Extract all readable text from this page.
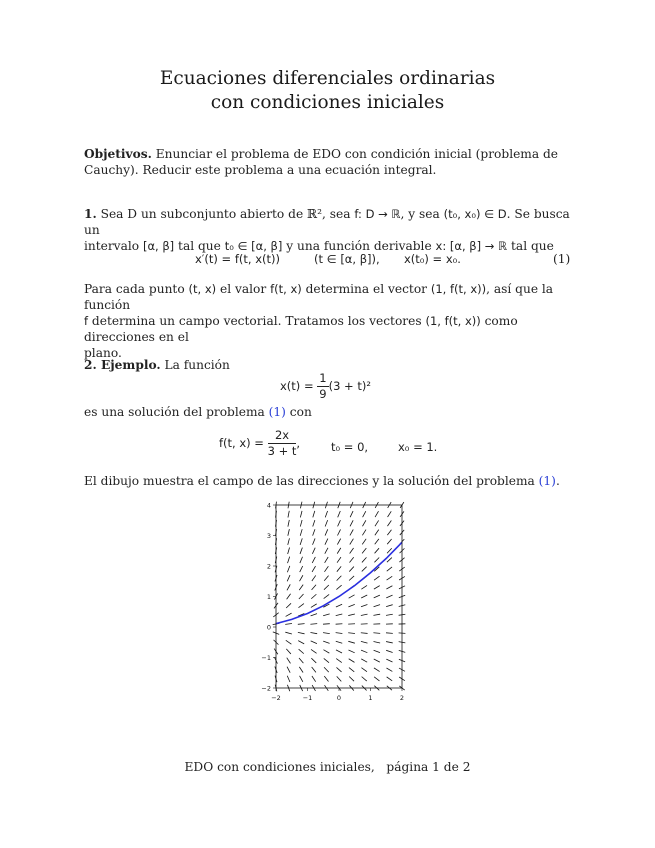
Ecuaciones diferenciales ordinarias
con condiciones iniciales
Objetivos. Enunciar el problema de EDO con condición inicial (problema de Cauchy). Reducir este problema a una ecuación integral.
1. Sea D un subconjunto abierto de ℝ², sea f: D → ℝ, y sea (t₀, x₀) ∈ D. Se busca un
intervalo [α, β] tal que t₀ ∈ [α, β] y una función derivable x: [α, β] → ℝ tal que
x′(t) = f(t, x(t))	(t ∈ [α, β]), x(t₀) = x₀.	(1)
Para cada punto (t, x) el valor f(t, x) determina el vector (1, f(t, x)), así que la función
f determina un campo vectorial. Tratamos los vectores (1, f(t, x)) como direcciones en el
plano.
2. Ejemplo. La función
$x(t) = \frac{1}{9} (3 + t)^2$
es una solución del problema (1) con
f(t, $x) = \frac{2x}{3 + t}$ ,	t₀ = 0,	x₀ = 1.
El dibujo muestra el campo de las direcciones y la solución del problema (1).
−2	−1	0	1	2
4
3
2
1
0
−1
−2
EDO con condiciones iniciales, página 1 de 2
